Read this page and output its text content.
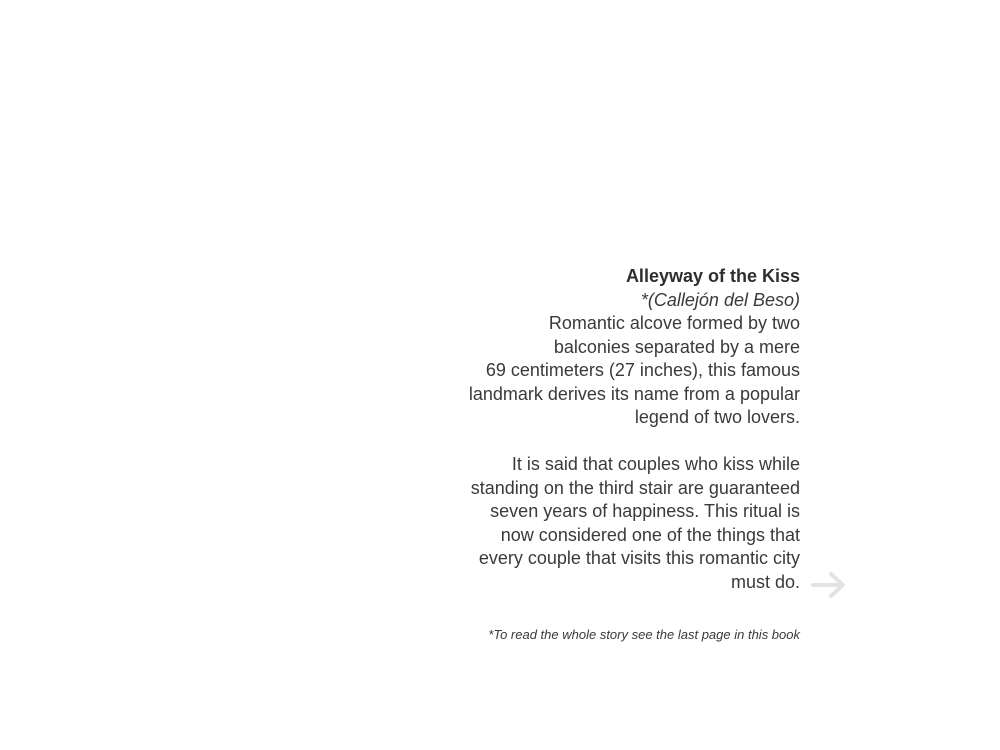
Alleyway of the Kiss
*(Callejón del Beso)
Romantic alcove formed by two
balconies separated by a mere
69 centimeters (27 inches), this famous
landmark derives its name from a popular
legend of two lovers.
It is said that couples who kiss while
standing on the third stair are guaranteed
seven years of happiness. This ritual is
now considered one of the things that
every couple that visits this romantic city
must do.
*To read the whole story see the last page in this book
